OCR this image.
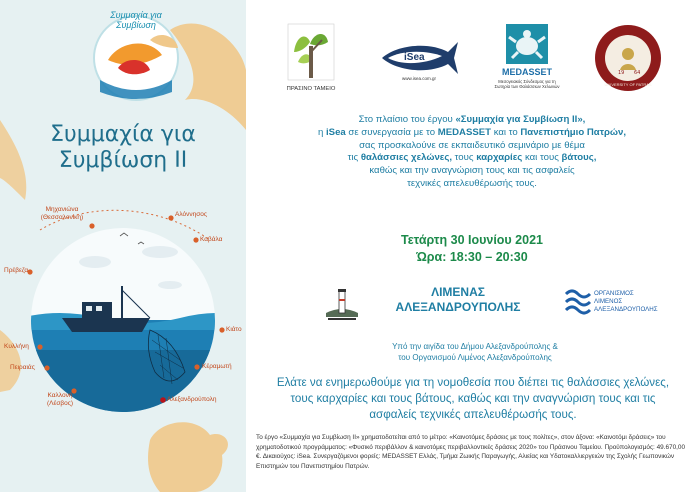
Συμμαχία για Συμβίωση
Συμμαχία για
Συμβίωση ΙΙ
Μηχανιώνα
(Θεσσαλονίκη)	Αλόννησος
Καβάλα
Πρέβεζα
Κιάτο
Κυλλήνη
Κέραμωτή
Πειραιάς
Καλλονή
(Λέσβος)
Αλεξανδρούπολη
ΠΡΑΣΙΝΟ ΤΑΜΕΙΟ
iSea
www.isea.com.gr
MEDASSET
Μεσογειακός Σύνδεσμος για τη
Σωτηρία των Θαλάσσιων Χελωνών
19 64
UNIVERSITY OF PATRAS
Στο πλαίσιο του έργου «Συμμαχία για Συμβίωση ΙΙ»,
η iSea σε συνεργασία με το MEDASSET και το Πανεπιστήμιο Πατρών,
σας προσκαλούνε σε εκπαιδευτικό σεμινάριο με θέμα
τις θαλάσσιες χελώνες, τους καρχαρίες και τους βάτους,
καθώς και την αναγνώριση τους και τις ασφαλείς
τεχνικές απελευθέρωσής τους.
Τετάρτη 30 Ιουνίου 2021
Ώρα: 18:30 – 20:30
ΛΙΜΕΝΑΣ
ΑΛΕΞΑΝΔΡΟΥΠΟΛΗΣ
ΟΡΓΑΝΙΣΜΟΣ
ΛΙΜΕΝΟΣ
ΑΛΕΞΑΝΔΡΟΥΠΟΛΗΣ
Υπό την αιγίδα του Δήμου Αλεξανδρούπολης &
του Οργανισμού Λιμένος Αλεξανδρούπολης
Ελάτε να ενημερωθούμε για τη νομοθεσία που διέπει τις θαλάσσιες χελώνες,
τους καρχαρίες και τους βάτους, καθώς και την αναγνώριση τους και τις
ασφαλείς τεχνικές απελευθέρωσής τους.
Το έργο «Συμμαχία για Συμβίωση ΙΙ» χρηματοδοτείται από το μέτρο: «Καινοτόμες δράσεις με τους πολίτες», στον άξονα: «Καινοτόμι δράσεις» του χρηματοδοτικού προγράμματος: «Φυσικό περιβάλλον & καινοτόμες περιβαλλοντικές δράσεις 2020» του Πράσινου Ταμείου. Προϋπολογισμός: 49.670,00 €. Δικαιούχος: iSea. Συνεργαζόμενοι φορείς: MEDASSET Ελλάς, Τμήμα Ζωικής Παραγωγής, Αλιείας και Υδατοκαλλιεργειών της Σχολής Γεωπονικών Επιστημών του Πανεπιστημίου Πατρών.
